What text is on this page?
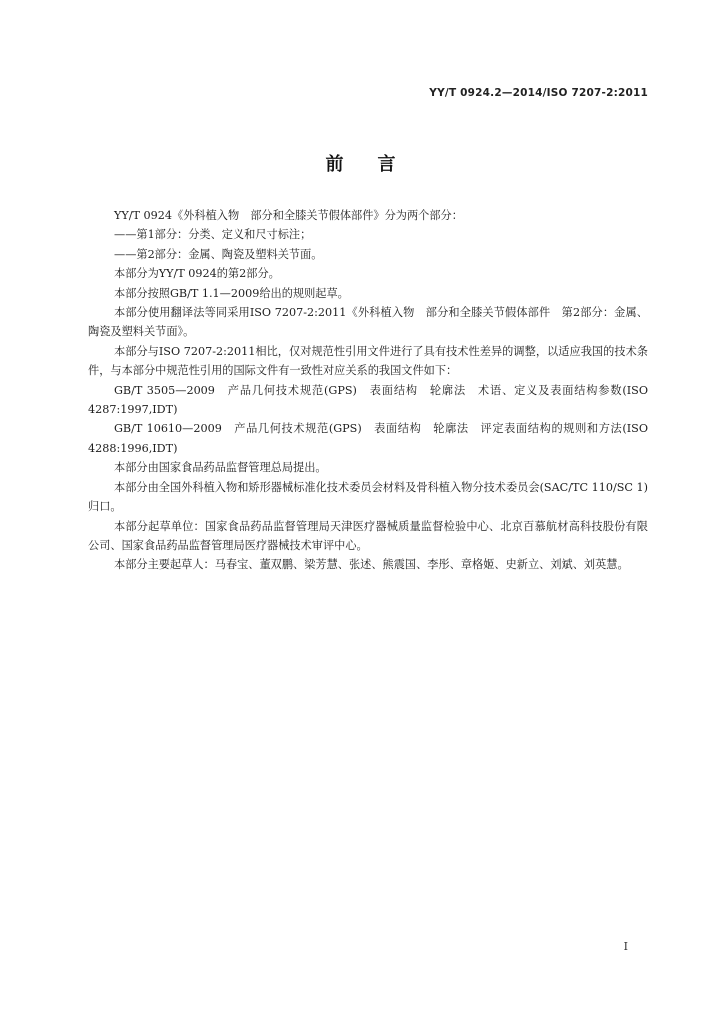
YY/T 0924.2—2014/ISO 7207-2:2011
前言

YY/T 0924《外科植入物　部分和全膝关节假体部件》分为两个部分：

——第1部分：分类、定义和尺寸标注；

——第2部分：金属、陶瓷及塑料关节面。

本部分为YY/T 0924的第2部分。

本部分按照GB/T 1.1—2009给出的规则起草。

本部分使用翻译法等同采用ISO 7207-2:2011《外科植入物　部分和全膝关节假体部件　第2部分：金属、陶瓷及塑料关节面》。

本部分与ISO 7207-2:2011相比，仅对规范性引用文件进行了具有技术性差异的调整，以适应我国的技术条件，与本部分中规范性引用的国际文件有一致性对应关系的我国文件如下：

GB/T 3505—2009　产品几何技术规范(GPS)　表面结构　轮廓法　术语、定义及表面结构参数(ISO 4287:1997,IDT)

GB/T 10610—2009　产品几何技术规范(GPS)　表面结构　轮廓法　评定表面结构的规则和方法(ISO 4288:1996,IDT)

本部分由国家食品药品监督管理总局提出。

本部分由全国外科植入物和矫形器械标准化技术委员会材料及骨科植入物分技术委员会(SAC/TC 110/SC 1)归口。

本部分起草单位：国家食品药品监督管理局天津医疗器械质量监督检验中心、北京百慕航材高科技股份有限公司、国家食品药品监督管理局医疗器械技术审评中心。

本部分主要起草人：马春宝、董双鹏、梁芳慧、张述、熊震国、李彤、章格姬、史新立、刘斌、刘英慧。

I
